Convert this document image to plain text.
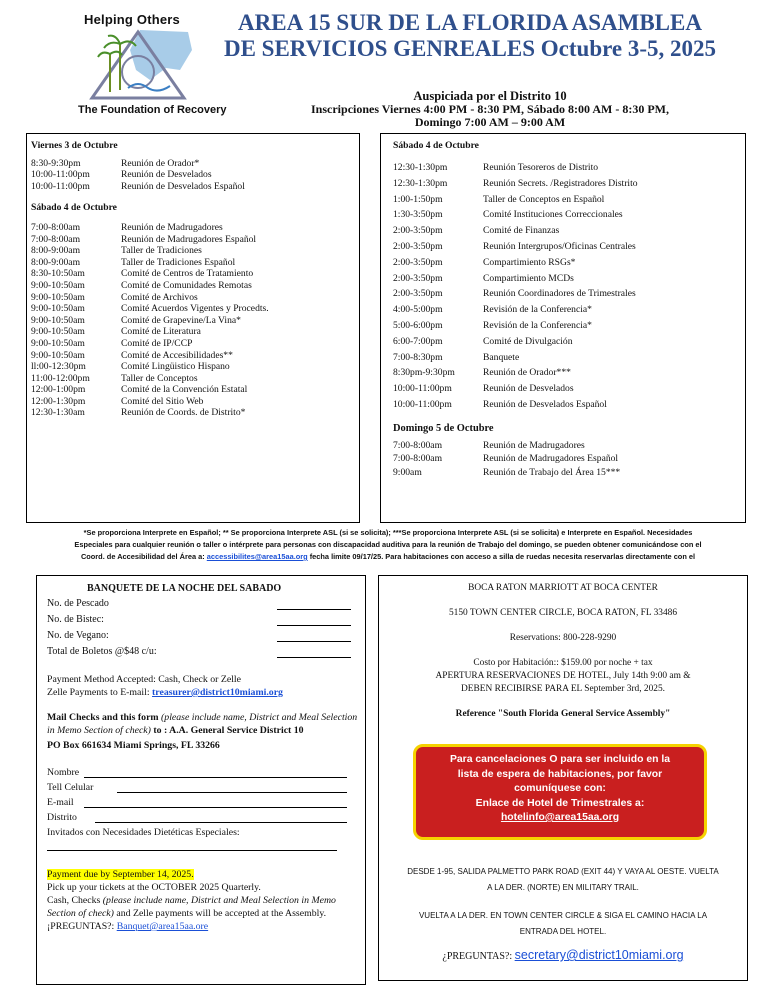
Helping Others
The Foundation of Recovery
AREA 15 SUR DE LA FLORIDA ASAMBLEA DE SERVICIOS GENREALES Octubre 3-5, 2025
Auspiciada por el Distrito 10
Inscripciones Viernes 4:00 PM - 8:30 PM, Sábado 8:00 AM - 8:30 PM,
Domingo 7:00 AM – 9:00 AM
Viernes 3 de Octubre
8:30-9:30pm	Reunión de Orador*
10:00-11:00pm	Reunión de Desvelados
10:00-11:00pm	Reunión de Desvelados Español
Sábado 4 de Octubre
7:00-8:00am	Reunión de Madrugadores
7:00-8:00am	Reunión de Madrugadores Español
8:00-9:00am	Taller de Tradiciones
8:00-9:00am	Taller de Tradiciones Español
8:30-10:50am	Comité de Centros de Tratamiento
9:00-10:50am	Comité de Comunidades Remotas
9:00-10:50am	Comité de Archivos
9:00-10:50am	Comité Acuerdos Vigentes y Procedts.
9:00-10:50am	Comité de Grapevine/La Vina*
9:00-10:50am	Comité de Literatura
9:00-10:50am	Comité de IP/CCP
9:00-10:50am	Comité de Accesibilidades**
ll:00-12:30pm	Comité Lingüistico Hispano
11:00-12:00pm	Taller de Conceptos
12:00-1:00pm	Comité de la Convención Estatal
12:00-1:30pm	Comité del Sitio Web
12:30-1:30am	Reunión de Coords. de Distrito*
Sábado 4 de Octubre
12:30-1:30pm	Reunión Tesoreros de Distrito
12:30-1:30pm	Reunión Secrets. /Registradores Distrito
1:00-1:50pm	Taller de Conceptos en Español
1:30-3:50pm	Comité Instituciones Correccionales
2:00-3:50pm	Comité de Finanzas
2:00-3:50pm	Reunión Intergrupos/Oficinas Centrales
2:00-3:50pm	Compartimiento RSGs*
2:00-3:50pm	Compartimiento MCDs
2:00-3:50pm	Reunión Coordinadores de Trimestrales
4:00-5:00pm	Revisión de la Conferencia*
5:00-6:00pm	Revisión de la Conferencia*
6:00-7:00pm	Comité de Divulgación
7:00-8:30pm	Banquete
8:30pm-9:30pm	Reunión de Orador***
10:00-11:00pm	Reunión de Desvelados
10:00-11:00pm	Reunión de Desvelados Español
Domingo 5 de Octubre
7:00-8:00am	Reunión de Madrugadores
7:00-8:00am	Reunión de Madrugadores Español
9:00am	Reunión de Trabajo del Área 15***
*Se proporciona Interprete en Español; ** Se proporciona Interprete ASL (si se solicita); ***Se proporciona Interprete ASL (si se solicita) e Interprete en Español. Necesidades
Especiales para cualquier reunión o taller o intérprete para personas con discapacidad auditiva para la reunión de Trabajo del domingo, se pueden obtener comunicándose con el
Coord. de Accesibilidad del Área a: accessibilites@area15aa.org fecha limite 09/17/25. Para habitaciones con acceso a silla de ruedas necesita reservarlas directamente con el
BANQUETE DE LA NOCHE DEL SABADO
No. de Pescado
No. de Bistec:
No. de Vegano:
Total de Boletos @$48 c/u:
Payment Method Accepted: Cash, Check or Zelle
Zelle Payments to E-mail: treasurer@district10miami.org
Mail Checks and this form (please include name, District and Meal Selection in Memo Section of check) to : A.A. General Service District 10
PO Box 661634 Miami Springs, FL 33266
Nombre
Tell Celular
E-mail
Distrito
Invitados con Necesidades Dietéticas Especiales:
Payment due by September 14, 2025.
Pick up your tickets at the OCTOBER 2025 Quarterly.
Cash, Checks (please include name, District and Meal Selection in Memo Section of check) and Zelle payments will be accepted at the Assembly.
¡PREGUNTAS?: Banquet@area15aa.ore
BOCA RATON MARRIOTT AT BOCA CENTER
5150 TOWN CENTER CIRCLE, BOCA RATON, FL 33486
Reservations: 800-228-9290
Costo por Habitación:: $159.00 por noche + tax
APERTURA RESERVACIONES DE HOTEL, July 14th 9:00 am &
DEBEN RECIBIRSE PARA EL September 3rd, 2025.
Reference "South Florida General Service Assembly"
Para cancelaciones O para ser incluido en la
lista de espera de habitaciones, por favor
comuníquese con:
Enlace de Hotel de Trimestrales a:
hotelinfo@area15aa.org
DESDE 1-95, SALIDA PALMETTO PARK ROAD (EXIT 44) Y VAYA AL OESTE. VUELTA
A LA DER. (NORTE) EN MILITARY TRAIL.
VUELTA A LA DER. EN TOWN CENTER CIRCLE & SIGA EL CAMINO HACIA LA
ENTRADA DEL HOTEL.
¿PREGUNTAS?: secretary@district10miami.org
